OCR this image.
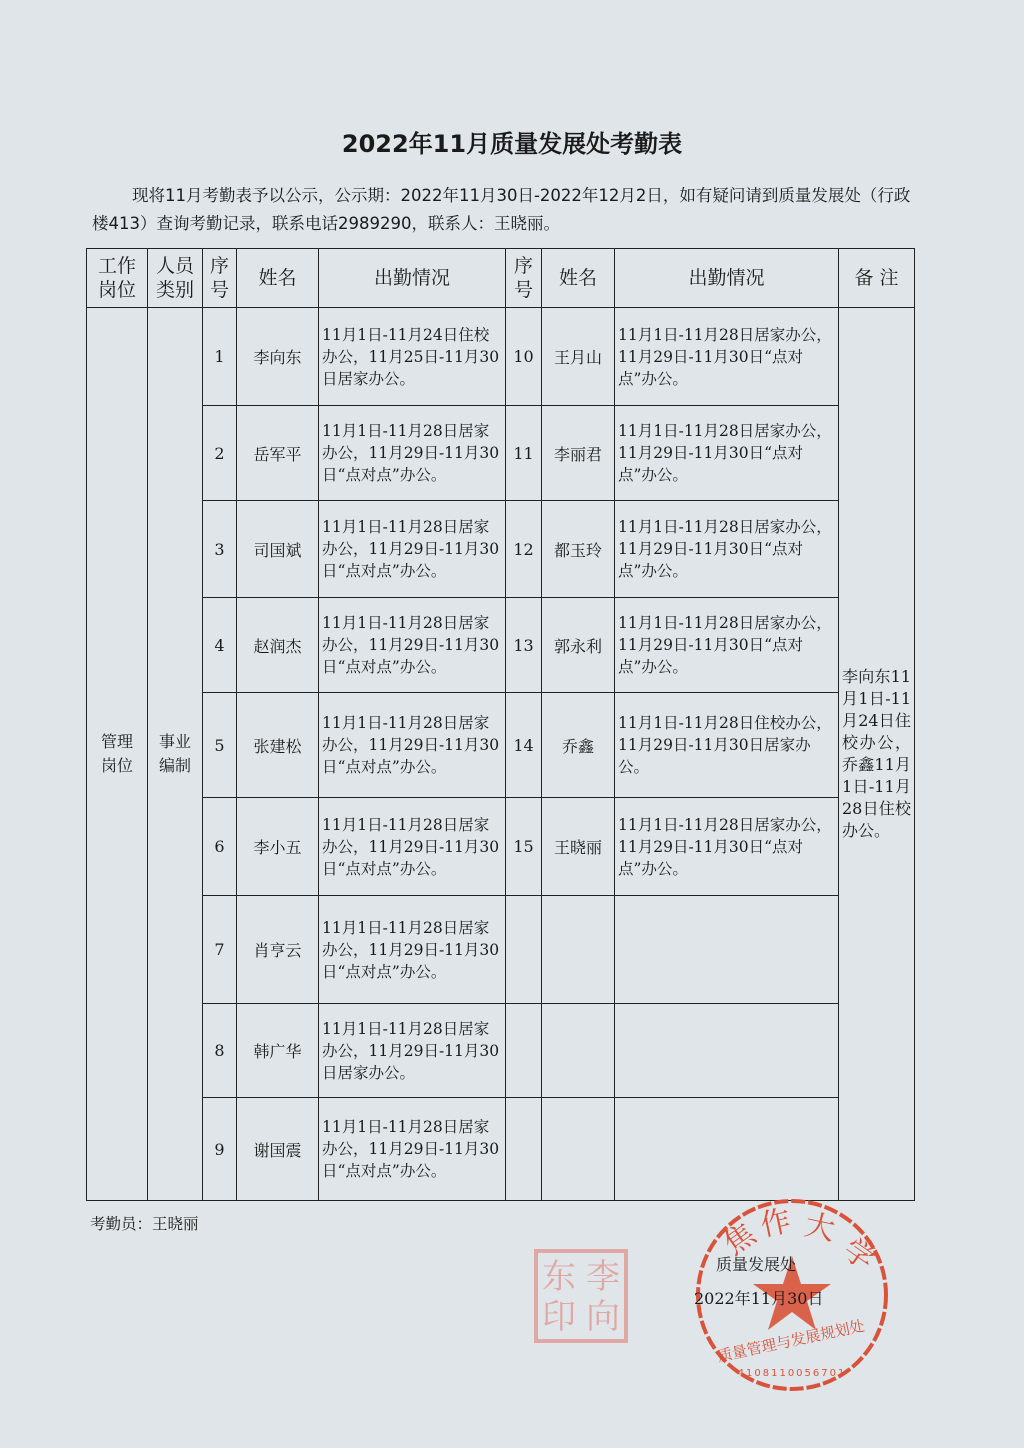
2022年11月质量发展处考勤表
现将11月考勤表予以公示，公示期：2022年11月30日-2022年12月2日，如有疑问请到质量发展处（行政楼413）查询考勤记录，联系电话2989290，联系人：王晓丽。
工作岗位	人员类别	序号	姓名	出勤情况	序号	姓名	出勤情况	备 注
管理岗位	事业编制	1	李向东	11月1日-11月24日住校办公，11月25日-11月30日居家办公。	10	王月山	11月1日-11月28日居家办公，11月29日-11月30日“点对点”办公。	李向东11月1日-11月24日住校办公，乔鑫11月1日-11月28日住校办公。
		2	岳军平	11月1日-11月28日居家办公，11月29日-11月30日“点对点”办公。	11	李丽君	11月1日-11月28日居家办公，11月29日-11月30日“点对点”办公。	
		3	司国斌	11月1日-11月28日居家办公，11月29日-11月30日“点对点”办公。	12	都玉玲	11月1日-11月28日居家办公，11月29日-11月30日“点对点”办公。	
		4	赵润杰	11月1日-11月28日居家办公，11月29日-11月30日“点对点”办公。	13	郭永利	11月1日-11月28日居家办公，11月29日-11月30日“点对点”办公。	
		5	张建松	11月1日-11月28日居家办公，11月29日-11月30日“点对点”办公。	14	乔鑫	11月1日-11月28日住校办公，11月29日-11月30日居家办公。	
		6	李小五	11月1日-11月28日居家办公，11月29日-11月30日“点对点”办公。	15	王晓丽	11月1日-11月28日居家办公，11月29日-11月30日“点对点”办公。	
		7	肖亨云	11月1日-11月28日居家办公，11月29日-11月30日“点对点”办公。				
		8	韩广华	11月1日-11月28日居家办公，11月29日-11月30日居家办公。				
		9	谢国震	11月1日-11月28日居家办公，11月29日-11月30日“点对点”办公。				
考勤员：王晓丽
李
向
东
印
焦
作 大
学
质量管理与发展规划处
4108110056701
质量发展处
2022年11月30日
